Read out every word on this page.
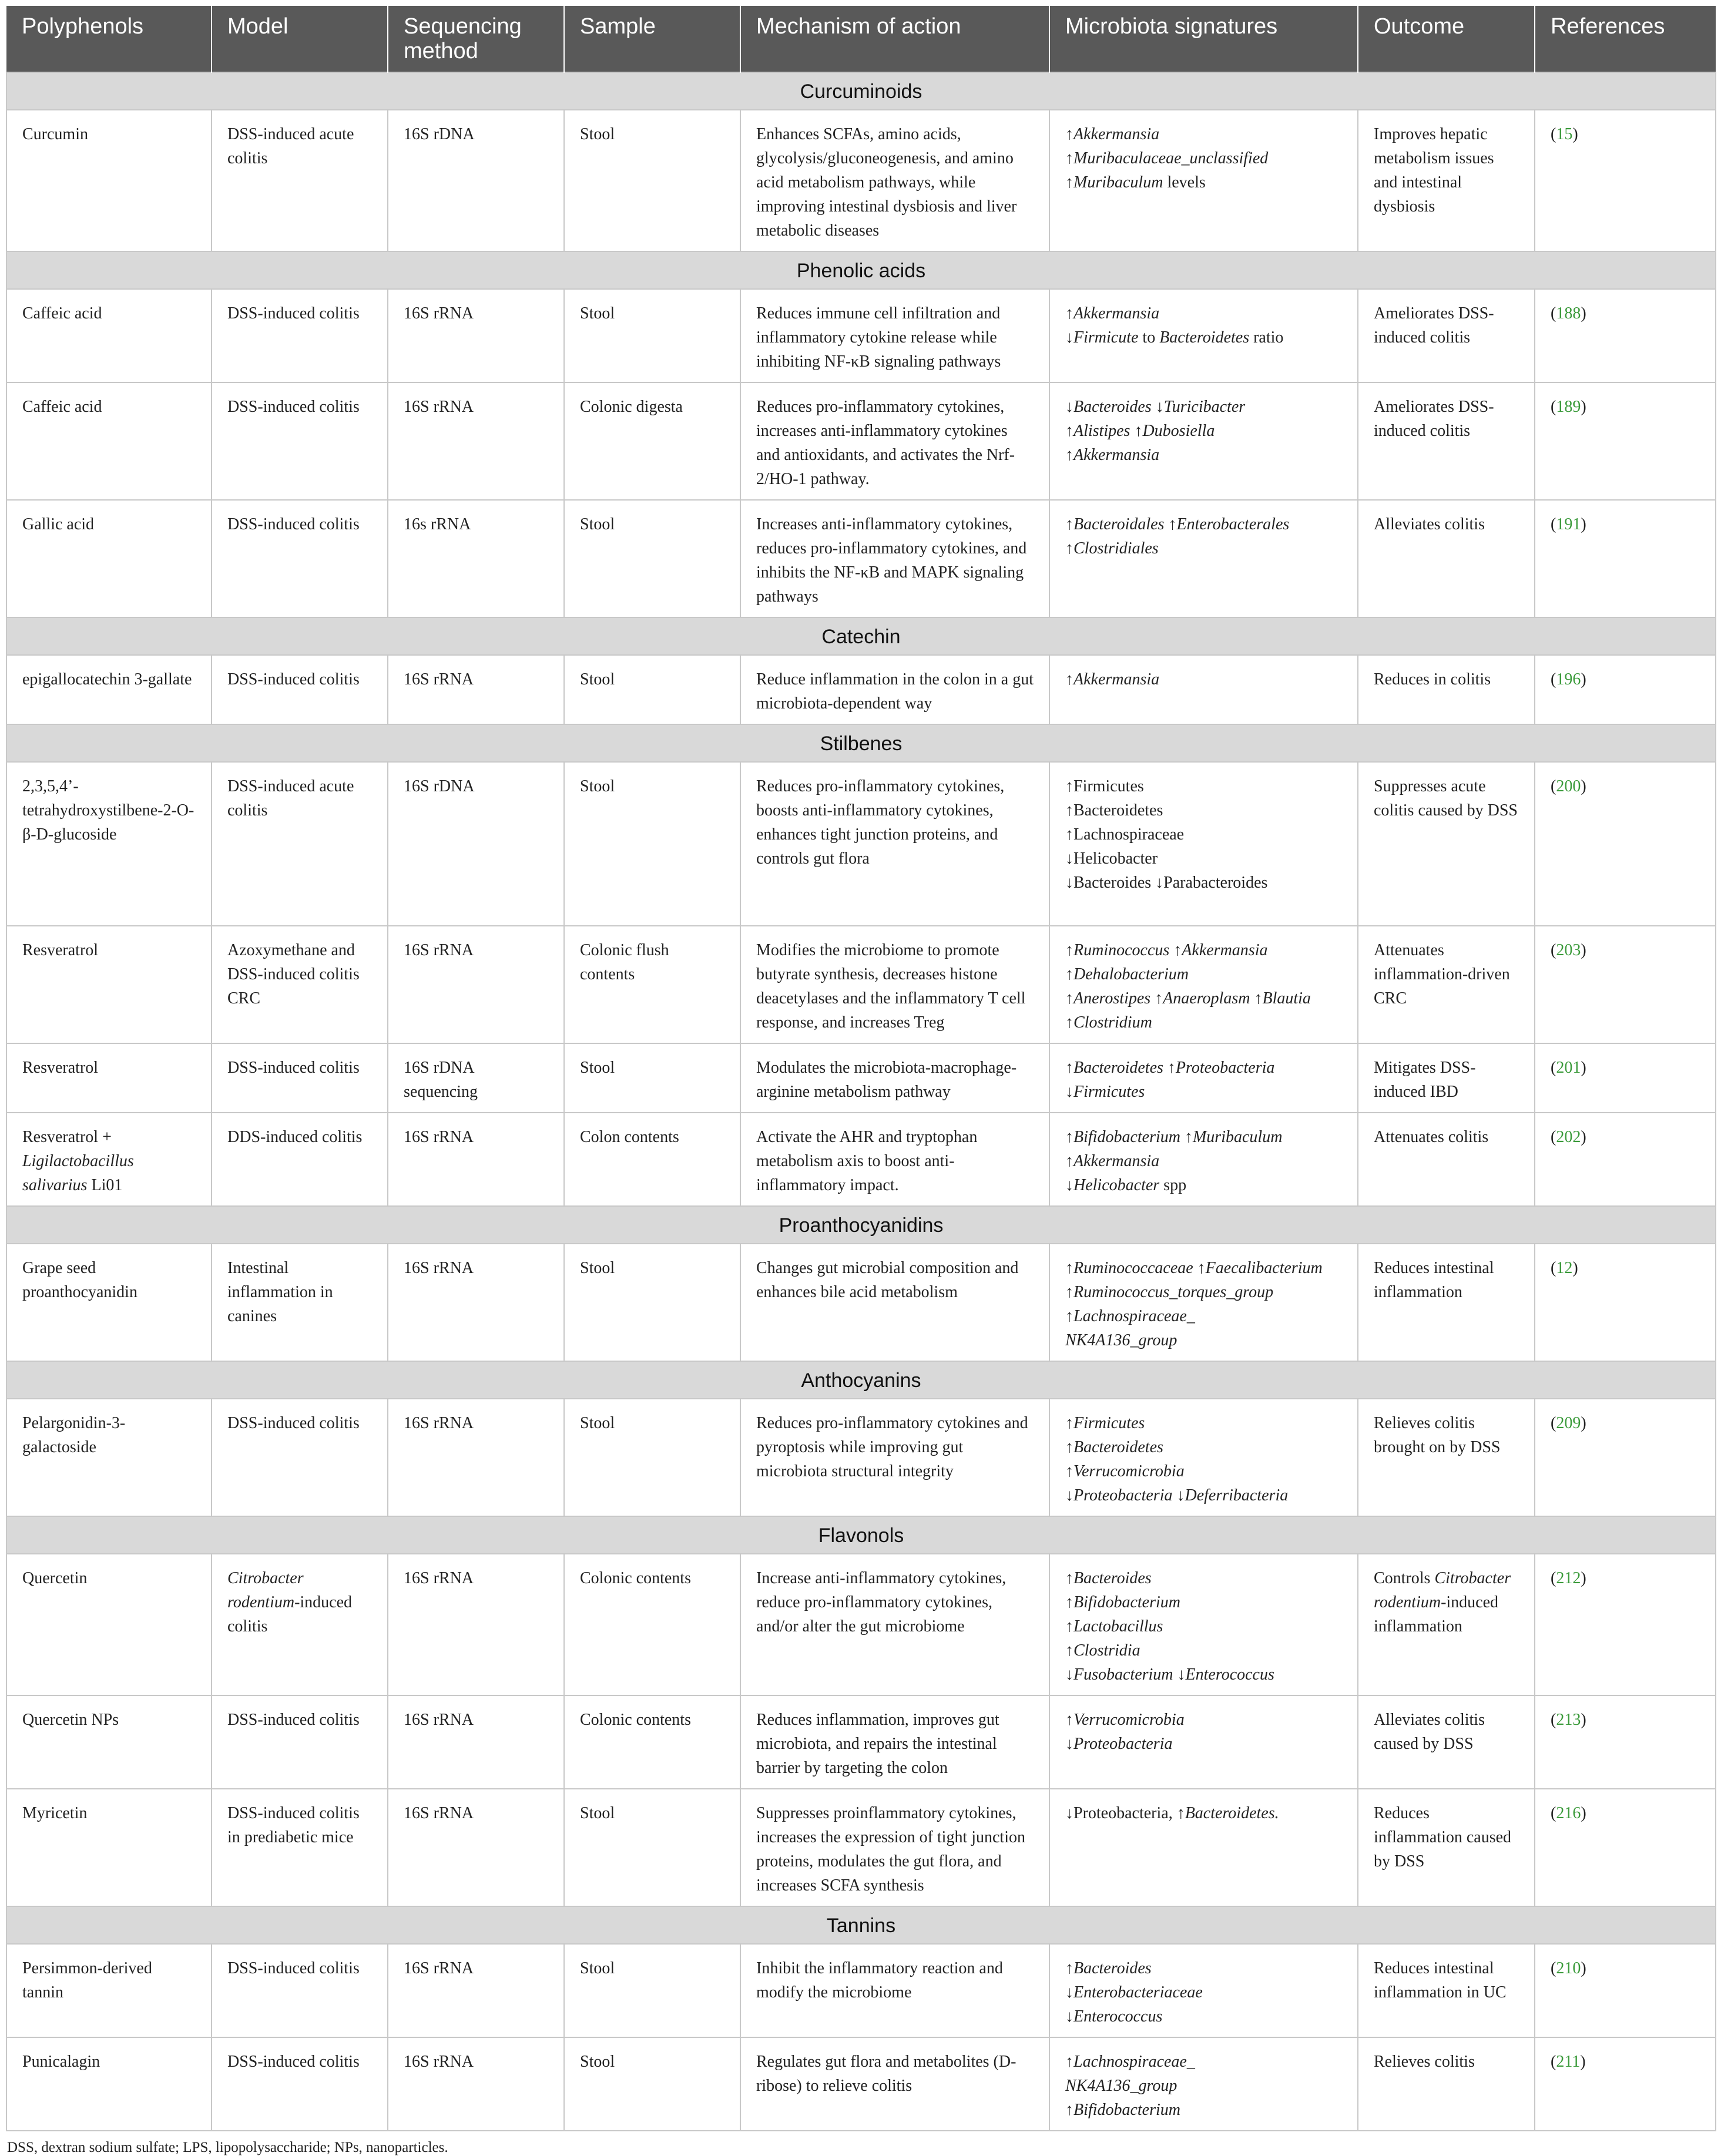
Polyphenols	Model	Sequencing method	Sample	Mechanism of action	Microbiota signatures	Outcome	References
Curcuminoids							
Curcumin	DSS-induced acute colitis	16S rDNA	Stool	Enhances SCFAs, amino acids, glycolysis/gluconeogenesis, and amino acid metabolism pathways, while improving intestinal dysbiosis and liver metabolic diseases	↑Akkermansia
↑Muribaculaceae_unclassified
↑Muribaculum levels	Improves hepatic metabolism issues and intestinal dysbiosis	(15)
Phenolic acids							
Caffeic acid	DSS-induced colitis	16S rRNA	Stool	Reduces immune cell infiltration and inflammatory cytokine release while inhibiting NF-κB signaling pathways	↑Akkermansia
↓Firmicute to Bacteroidetes ratio	Ameliorates DSS-induced colitis	(188)
Caffeic acid	DSS-induced colitis	16S rRNA	Colonic digesta	Reduces pro-inflammatory cytokines, increases anti-inflammatory cytokines and antioxidants, and activates the Nrf-2/HO-1 pathway.	↓Bacteroides ↓Turicibacter
↑Alistipes ↑Dubosiella
↑Akkermansia	Ameliorates DSS-induced colitis	(189)
Gallic acid	DSS-induced colitis	16s rRNA	Stool	Increases anti-inflammatory cytokines, reduces pro-inflammatory cytokines, and inhibits the NF-κB and MAPK signaling pathways	↑Bacteroidales ↑Enterobacterales
↑Clostridiales	Alleviates colitis	(191)
Catechin							
epigallocatechin 3-gallate	DSS-induced colitis	16S rRNA	Stool	Reduce inflammation in the colon in a gut microbiota-dependent way	↑Akkermansia	Reduces in colitis	(196)
Stilbenes							
2,3,5,4’-tetrahydroxystilbene-2-O-β-D-glucoside	DSS-induced acute colitis	16S rDNA	Stool	Reduces pro-inflammatory cytokines, boosts anti-inflammatory cytokines, enhances tight junction proteins, and controls gut flora	↑Firmicutes
↑Bacteroidetes
↑Lachnospiraceae
↓Helicobacter
↓Bacteroides ↓Parabacteroides	Suppresses acute colitis caused by DSS	(200)
Resveratrol	Azoxymethane and DSS-induced colitis CRC	16S rRNA	Colonic flush contents	Modifies the microbiome to promote butyrate synthesis, decreases histone deacetylases and the inflammatory T cell response, and increases Treg	↑Ruminococcus ↑Akkermansia
↑Dehalobacterium
↑Anerostipes ↑Anaeroplasm ↑Blautia
↑Clostridium	Attenuates inflammation-driven CRC	(203)
Resveratrol	DSS-induced colitis	16S rDNA sequencing	Stool	Modulates the microbiota-macrophage-arginine metabolism pathway	↑Bacteroidetes ↑Proteobacteria
↓Firmicutes	Mitigates DSS-induced IBD	(201)
Resveratrol + Ligilactobacillus salivarius Li01	DDS-induced colitis	16S rRNA	Colon contents	Activate the AHR and tryptophan metabolism axis to boost anti-inflammatory impact.	↑Bifidobacterium ↑Muribaculum
↑Akkermansia
↓Helicobacter spp	Attenuates colitis	(202)
Proanthocyanidins							
Grape seed proanthocyanidin	Intestinal inflammation in canines	16S rRNA	Stool	Changes gut microbial composition and enhances bile acid metabolism	↑Ruminococcaceae ↑Faecalibacterium
↑Ruminococcus_torques_group
↑Lachnospiraceae_
NK4A136_group	Reduces intestinal inflammation	(12)
Anthocyanins							
Pelargonidin-3-galactoside	DSS-induced colitis	16S rRNA	Stool	Reduces pro-inflammatory cytokines and pyroptosis while improving gut microbiota structural integrity	↑Firmicutes
↑Bacteroidetes
↑Verrucomicrobia
↓Proteobacteria ↓Deferribacteria	Relieves colitis brought on by DSS	(209)
Flavonols							
Quercetin	Citrobacter rodentium-induced colitis	16S rRNA	Colonic contents	Increase anti-inflammatory cytokines, reduce pro-inflammatory cytokines, and/or alter the gut microbiome	↑Bacteroides
↑Bifidobacterium
↑Lactobacillus
↑Clostridia
↓Fusobacterium ↓Enterococcus	Controls Citrobacter rodentium-induced inflammation	(212)
Quercetin NPs	DSS-induced colitis	16S rRNA	Colonic contents	Reduces inflammation, improves gut microbiota, and repairs the intestinal barrier by targeting the colon	↑Verrucomicrobia
↓Proteobacteria	Alleviates colitis caused by DSS	(213)
Myricetin	DSS-induced colitis in prediabetic mice	16S rRNA	Stool	Suppresses proinflammatory cytokines, increases the expression of tight junction proteins, modulates the gut flora, and increases SCFA synthesis	↓Proteobacteria, ↑Bacteroidetes.	Reduces inflammation caused by DSS	(216)
Tannins							
Persimmon-derived tannin	DSS-induced colitis	16S rRNA	Stool	Inhibit the inflammatory reaction and modify the microbiome	↑Bacteroides
↓Enterobacteriaceae
↓Enterococcus	Reduces intestinal inflammation in UC	(210)
Punicalagin	DSS-induced colitis	16S rRNA	Stool	Regulates gut flora and metabolites (D-ribose) to relieve colitis	↑Lachnospiraceae_
NK4A136_group
↑Bifidobacterium	Relieves colitis	(211)
DSS, dextran sodium sulfate; LPS, lipopolysaccharide; NPs, nanoparticles.
